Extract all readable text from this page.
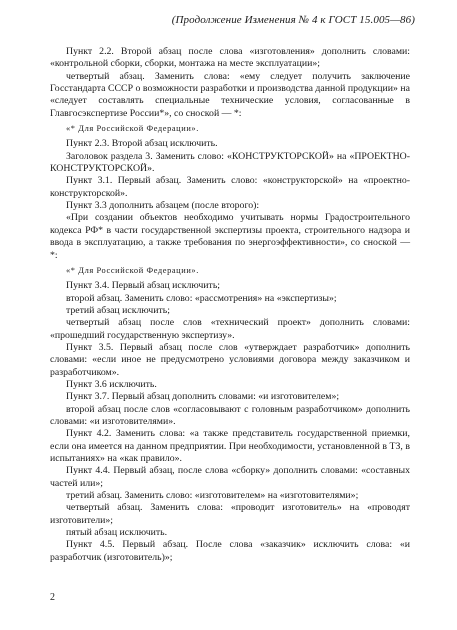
(Продолжение Изменения № 4 к ГОСТ 15.005—86)

Пункт 2.2. Второй абзац после слова «изготовления» дополнить словами: «контрольной сборки, сборки, монтажа на месте эксплуатации»;

четвертый абзац. Заменить слова: «ему следует получить заключение Госстандарта СССР о возможности разработки и производства данной продукции» на «следует составлять специальные технические условия, согласованные в Главгосэкспертизе России*», со сноской — *:

«* Для Российской Федерации».

Пункт 2.3. Второй абзац исключить.

Заголовок раздела 3. Заменить слово: «КОНСТРУКТОРСКОЙ» на «ПРОЕКТНО-КОНСТРУКТОРСКОЙ».

Пункт 3.1. Первый абзац. Заменить слово: «конструкторской» на «проектно-конструкторской».

Пункт 3.3 дополнить абзацем (после второго):

«При создании объектов необходимо учитывать нормы Градостроительного кодекса РФ* в части государственной экспертизы проекта, строительного надзора и ввода в эксплуатацию, а также требования по энергоэффективности», со сноской — *:

«* Для Российской Федерации».

Пункт 3.4. Первый абзац исключить;

второй абзац. Заменить слово: «рассмотрения» на «экспертизы»;

третий абзац исключить;

четвертый абзац после слов «технический проект» дополнить словами: «прошедший государственную экспертизу».

Пункт 3.5. Первый абзац после слов «утверждает разработчик» дополнить словами: «если иное не предусмотрено условиями договора между заказчиком и разработчиком».

Пункт 3.6 исключить.

Пункт 3.7. Первый абзац дополнить словами: «и изготовителем»;

второй абзац после слов «согласовывают с головным разработчиком» дополнить словами: «и изготовителями».

Пункт 4.2. Заменить слова: «а также представитель государственной приемки, если она имеется на данном предприятии. При необходимости, установленной в ТЗ, в испытаниях» на «как правило».

Пункт 4.4. Первый абзац, после слова «сборку» дополнить словами: «составных частей или»;

третий абзац. Заменить слово: «изготовителем» на «изготовителями»;

четвертый абзац. Заменить слова: «проводит изготовитель» на «проводят изготовители»;

пятый абзац исключить.

Пункт 4.5. Первый абзац. После слова «заказчик» исключить слова: «и разработчик (изготовитель)»;

2
